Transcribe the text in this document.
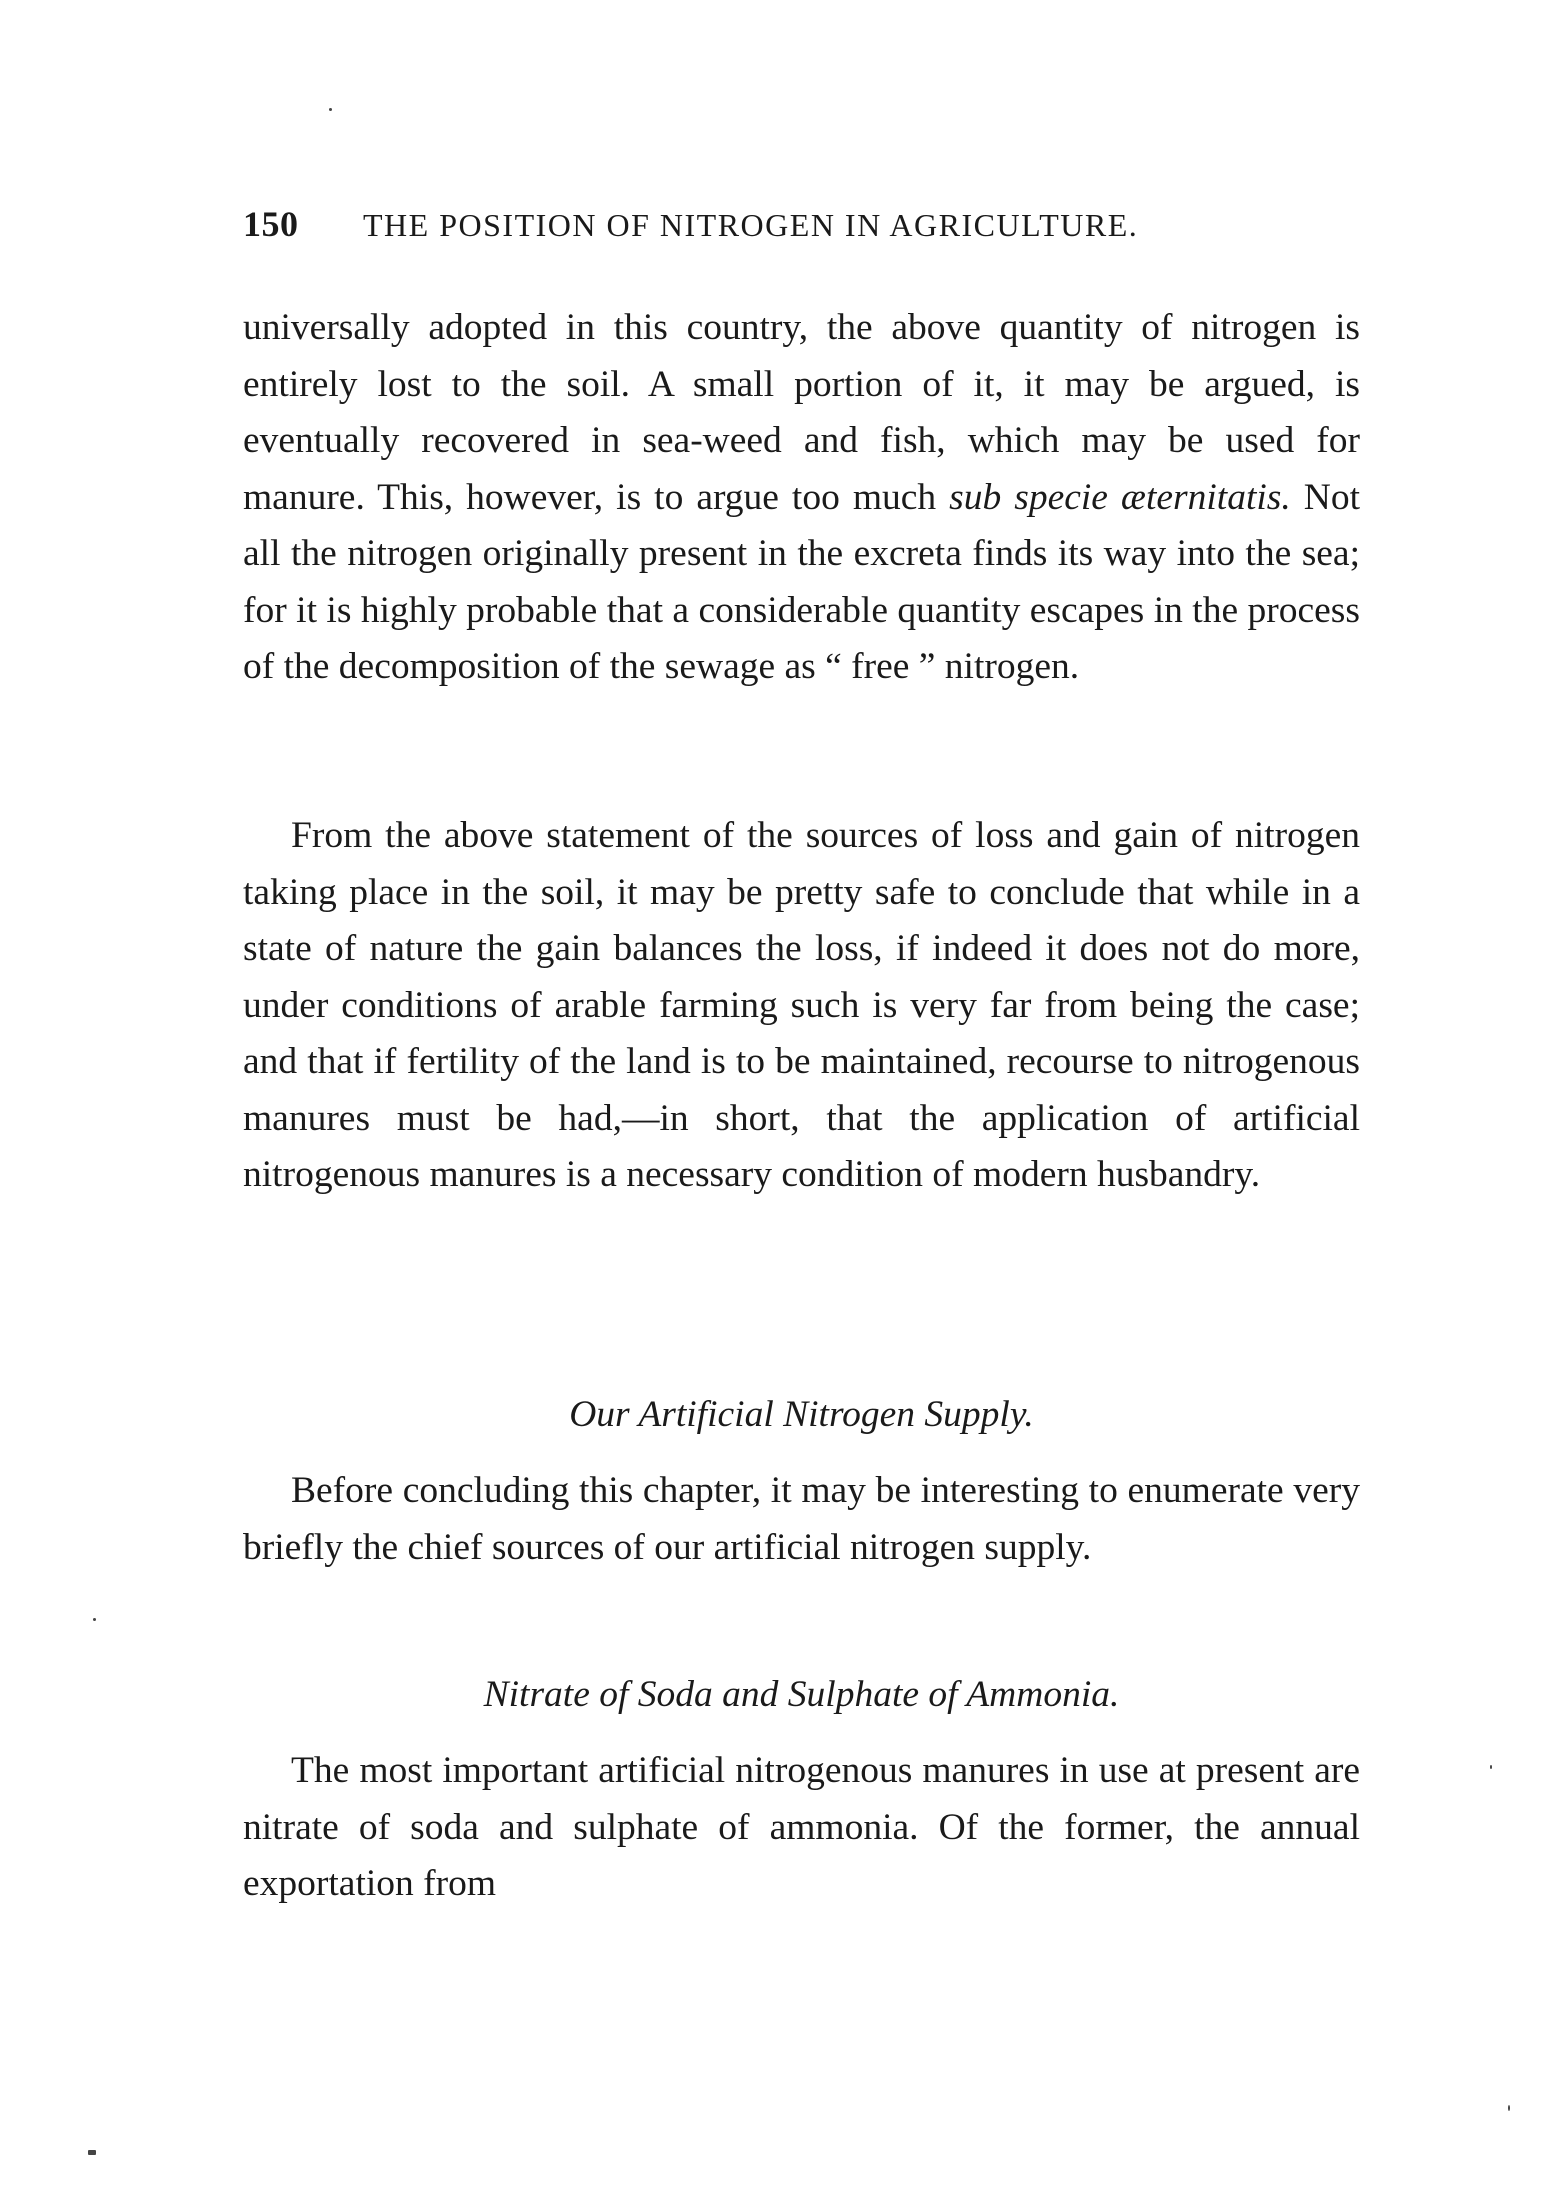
150 THE POSITION OF NITROGEN IN AGRICULTURE.

universally adopted in this country, the above quantity of nitrogen is entirely lost to the soil. A small portion of it, it may be argued, is eventually recovered in sea-weed and fish, which may be used for manure. This, however, is to argue too much sub specie æternitatis. Not all the nitrogen originally present in the excreta finds its way into the sea; for it is highly probable that a considerable quantity escapes in the process of the decomposition of the sewage as “ free ” nitrogen.

From the above statement of the sources of loss and gain of nitrogen taking place in the soil, it may be pretty safe to conclude that while in a state of nature the gain balances the loss, if indeed it does not do more, under conditions of arable farming such is very far from being the case; and that if fertility of the land is to be maintained, recourse to nitrogenous manures must be had,—in short, that the application of artificial nitrogenous manures is a necessary condition of modern husbandry.

Our Artificial Nitrogen Supply.

Before concluding this chapter, it may be interesting to enumerate very briefly the chief sources of our artificial nitrogen supply.

Nitrate of Soda and Sulphate of Ammonia.

The most important artificial nitrogenous manures in use at present are nitrate of soda and sulphate of ammonia. Of the former, the annual exportation from
